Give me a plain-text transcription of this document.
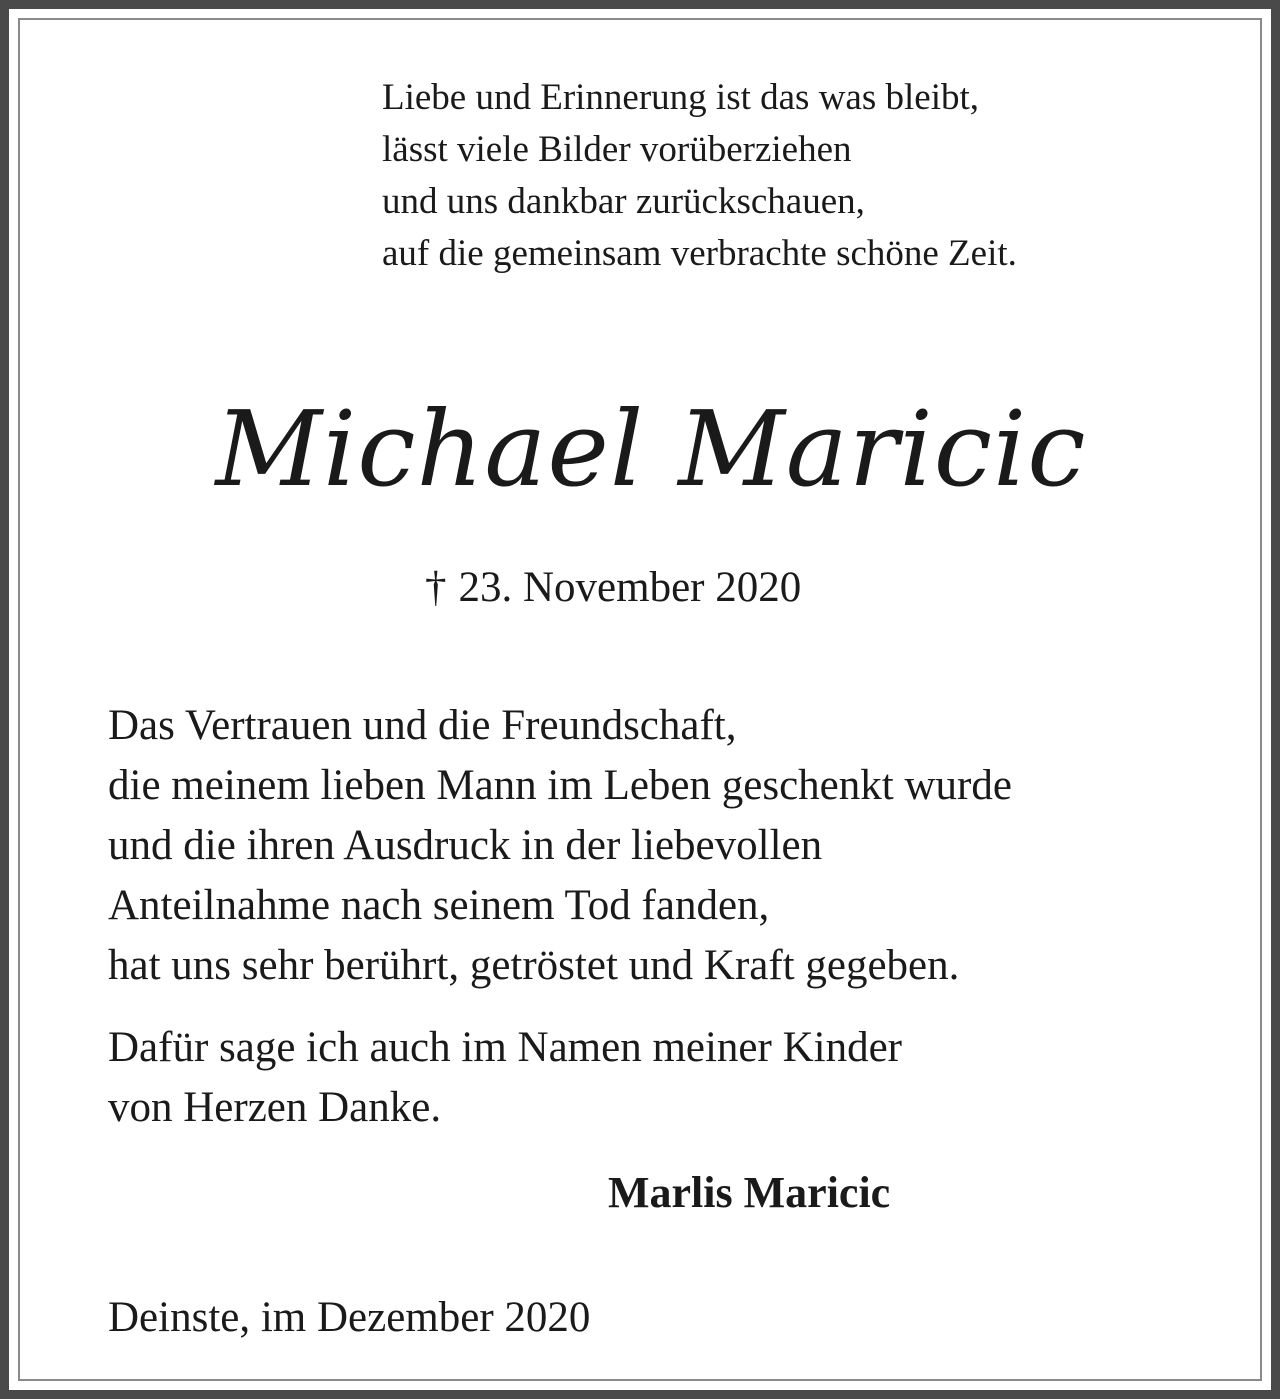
Liebe und Erinnerung ist das was bleibt,
lässt viele Bilder vorüberziehen
und uns dankbar zurückschauen,
auf die gemeinsam verbrachte schöne Zeit.
Michael Maricic
† 23. November 2020
Das Vertrauen und die Freundschaft,
die meinem lieben Mann im Leben geschenkt wurde
und die ihren Ausdruck in der liebevollen
Anteilnahme nach seinem Tod fanden,
hat uns sehr berührt, getröstet und Kraft gegeben.
Dafür sage ich auch im Namen meiner Kinder
von Herzen Danke.
Marlis Maricic
Deinste, im Dezember 2020
